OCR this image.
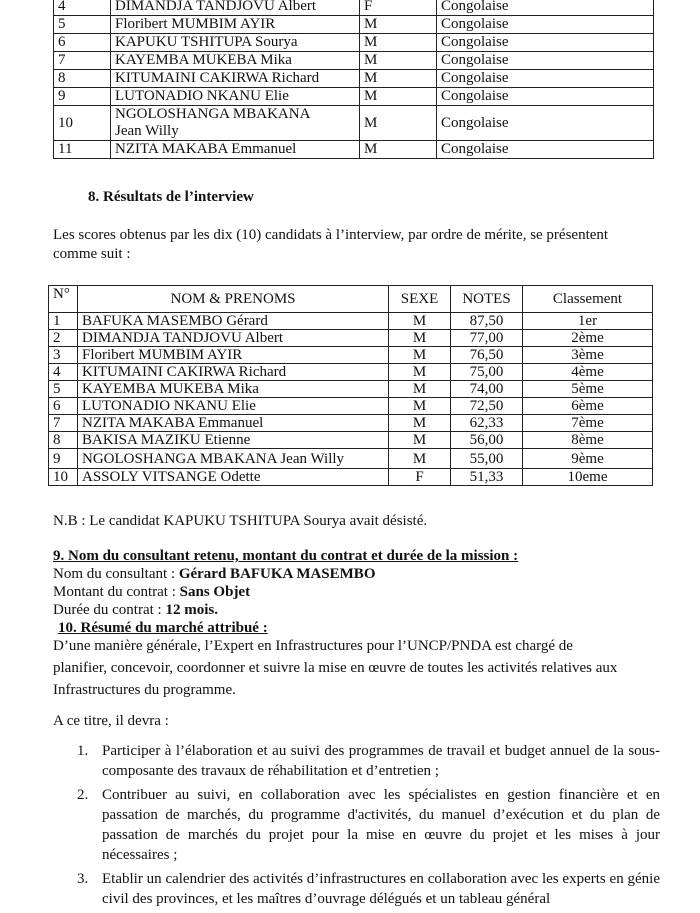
4	DIMANDJA TANDJOVU Albert	F	Congolaise
5	Floribert MUMBIM AYIR	M	Congolaise
6	KAPUKU TSHITUPA Sourya	M	Congolaise
7	KAYEMBA MUKEBA Mika	M	Congolaise
8	KITUMAINI CAKIRWA Richard	M	Congolaise
9	LUTONADIO NKANU Elie	M	Congolaise
10	NGOLOSHANGA MBAKANA
Jean Willy	M	Congolaise
11	NZITA MAKABA Emmanuel	M	Congolaise
8. Résultats de l’interview
Les scores obtenus par les dix (10) candidats à l’interview, par ordre de mérite, se présentent
comme suit :
N°	NOM & PRENOMS	SEXE	NOTES	Classement
1	BAFUKA MASEMBO Gérard	M	87,50	1er
2	DIMANDJA TANDJOVU Albert	M	77,00	2ème
3	Floribert MUMBIM AYIR	M	76,50	3ème
4	KITUMAINI CAKIRWA Richard	M	75,00	4ème
5	KAYEMBA MUKEBA Mika	M	74,00	5ème
6	LUTONADIO NKANU Elie	M	72,50	6ème
7	NZITA MAKABA Emmanuel	M	62,33	7ème
8	BAKISA MAZIKU Etienne	M	56,00	8ème
9	NGOLOSHANGA MBAKANA Jean Willy	M	55,00	9ème
10	ASSOLY VITSANGE Odette	F	51,33	10eme
N.B : Le candidat KAPUKU TSHITUPA Sourya avait désisté.
9. Nom du consultant retenu, montant du contrat et durée de la mission :
Nom du consultant : Gérard BAFUKA MASEMBO
Montant du contrat : Sans Objet
Durée du contrat : 12 mois.
10. Résumé du marché attribué :
D’une manière générale, l’Expert en Infrastructures pour l’UNCP/PNDA est chargé de
planifier, concevoir, coordonner et suivre la mise en œuvre de toutes les activités relatives aux
Infrastructures du programme.
A ce titre, il devra :
1. Participer à l’élaboration et au suivi des programmes de travail et budget annuel de la sous-composante des travaux de réhabilitation et d’entretien ;
2. Contribuer au suivi, en collaboration avec les spécialistes en gestion financière et en passation de marchés, du programme d'activités, du manuel d’exécution et du plan de passation de marchés du projet pour la mise en œuvre du projet et les mises à jour nécessaires ;
3. Etablir un calendrier des activités d’infrastructures en collaboration avec les experts en génie civil des provinces, et les maîtres d’ouvrage délégués et un tableau général
